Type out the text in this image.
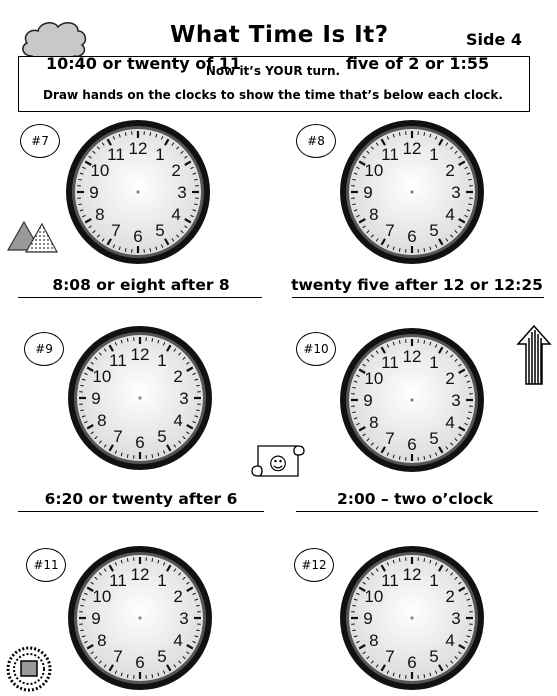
What Time Is It?	Side 4
10:40 or twenty of 11	five of 2 or 1:55
Now it’s YOUR turn.
Draw hands on the clocks to show the time that’s below each clock.
#7	12 1
2
3
4
5
6
7
8
9
10
11
8:08 or eight after 8
#8	12 1
2
3
4
5
6
7
8
9
10
11
twenty five after 12 or 12:25
#9	12 1
2
3
4
5
6
7
8
9
10
11
6:20 or twenty after 6
#10	12 1
2
3
4
5
6
7
8
9
10
11
2:00 – two o’clock
#11	12 1
2
3
4
5
6
7
8
9
10
11
#12	12 1
2
3
4
5
6
7
8
9
10
11
☺
